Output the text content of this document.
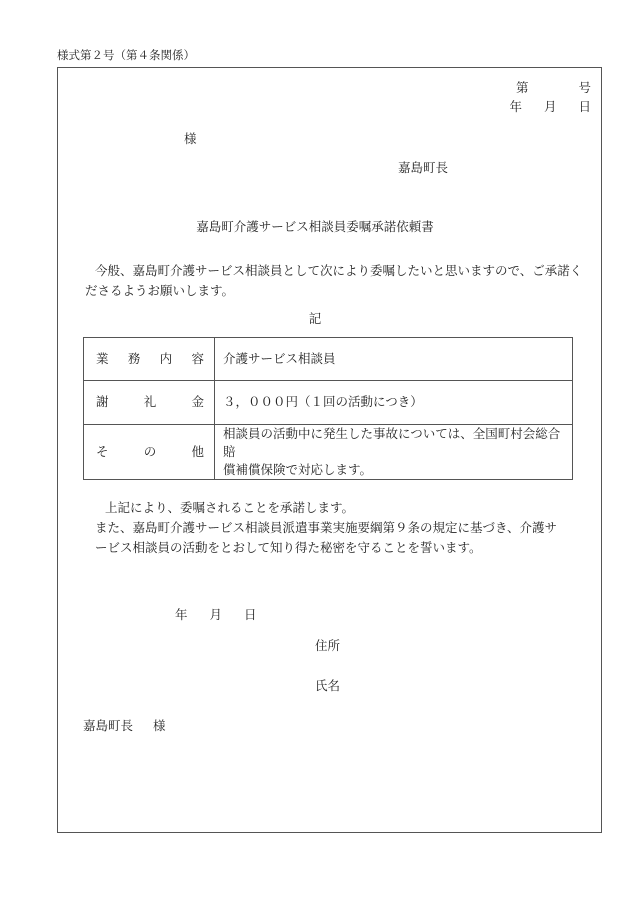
様式第２号（第４条関係）
第	号
年 月 日
様
嘉島町長
嘉島町介護サービス相談員委嘱承諾依頼書
今般、嘉島町介護サービス相談員として次により委嘱したいと思いますので、ご承諾く
ださるようお願いします。
記
業務内容	介護サービス相談員
謝礼金	３，０００円（１回の活動につき）
その他	相談員の活動中に発生した事故については、全国町村会総合賠
償補償保険で対応します。
上記により、委嘱されることを承諾します。
また、嘉島町介護サービス相談員派遣事業実施要綱第９条の規定に基づき、介護サ
ービス相談員の活動をとおして知り得た秘密を守ることを誓います。
年 月 日
住所
氏名
嘉島町長 様
